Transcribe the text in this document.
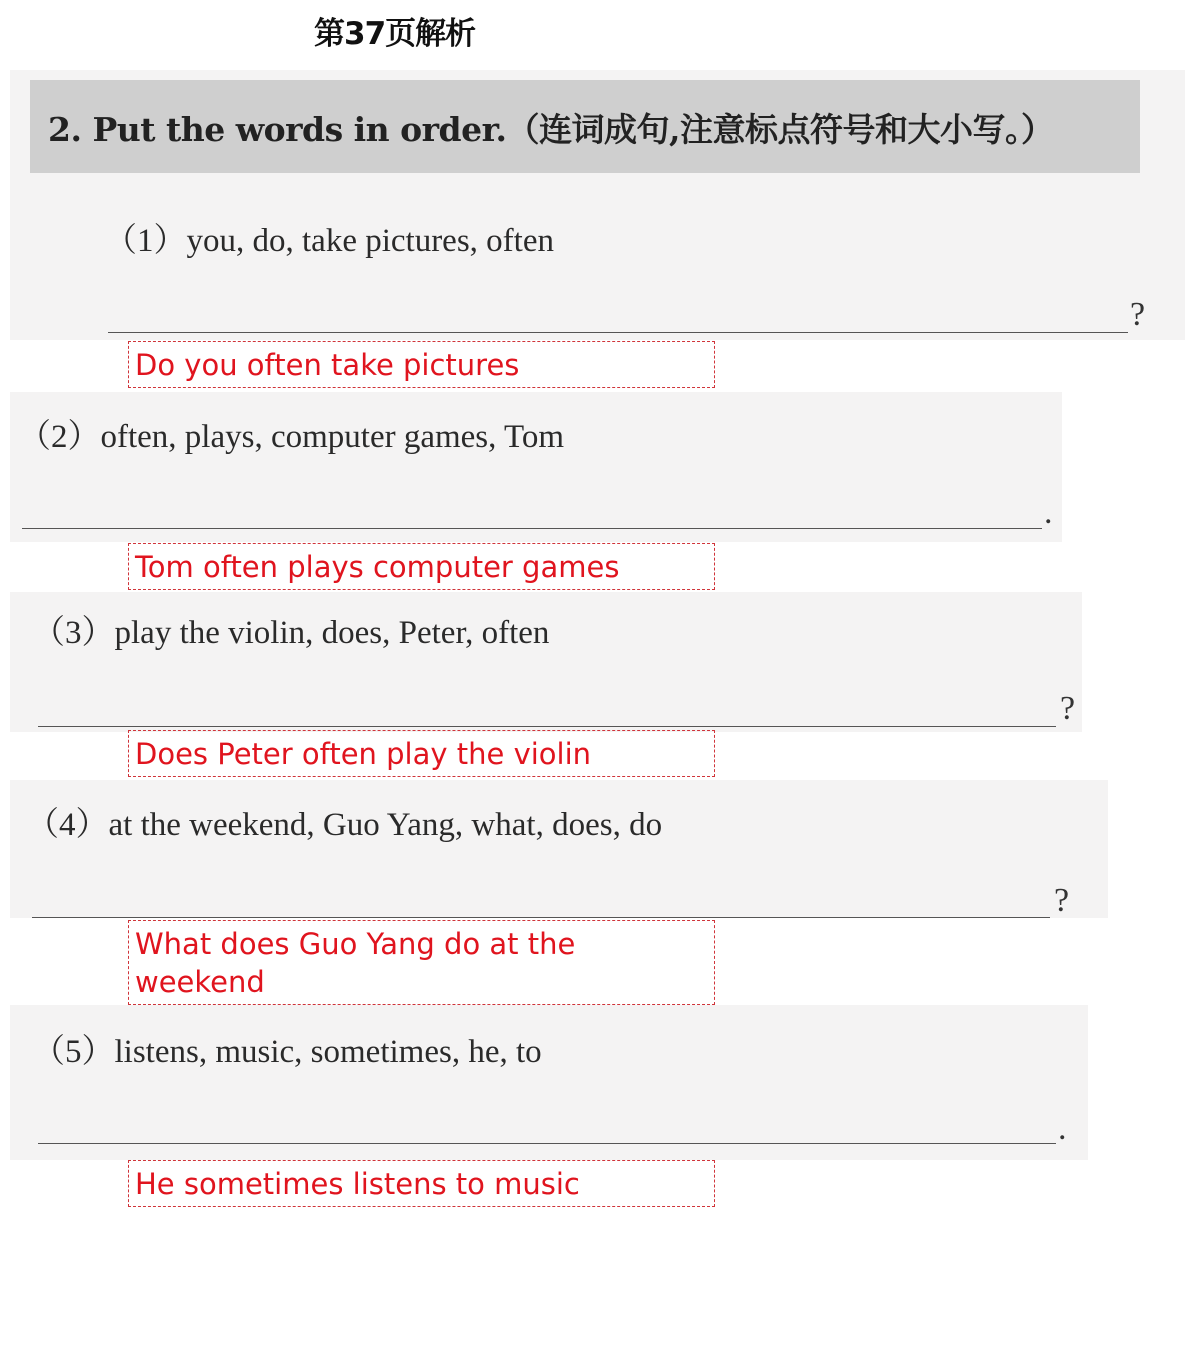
第37页解析
2. Put the words in order.（连词成句,注意标点符号和大小写。）
（1）you, do, take pictures, often
?
Do you often take pictures
（2）often, plays, computer games, Tom
.
Tom often plays computer games
（3）play the violin, does, Peter, often
?
Does Peter often play the violin
（4）at the weekend, Guo Yang, what, does, do
?
What does Guo Yang do at the weekend
（5）listens, music, sometimes, he, to
.
He sometimes listens to music
